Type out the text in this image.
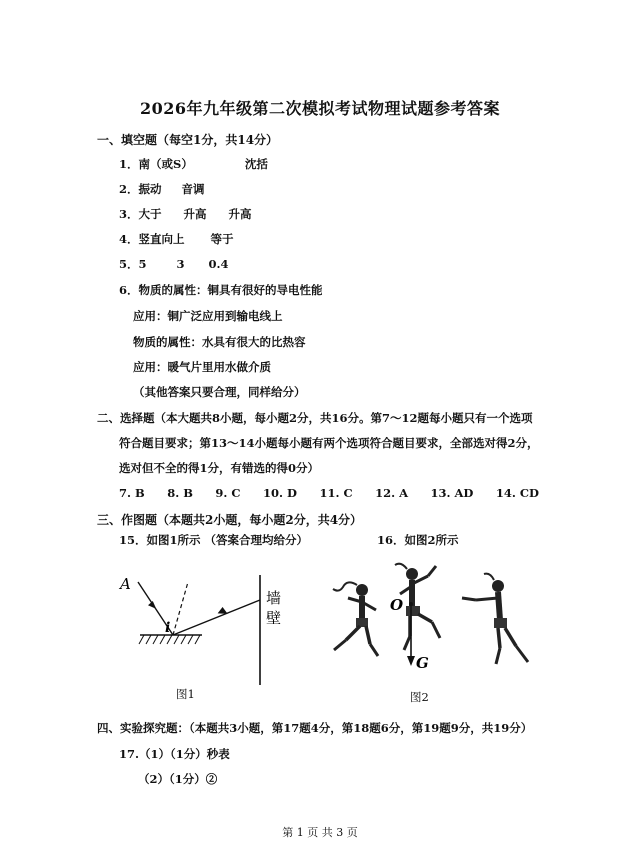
2026年九年级第二次模拟考试物理试题参考答案
一、填空题（每空1分，共14分）
1．南（或S）	沈括
2．振动 音调
3．大于 升高 升高
4．竖直向上 等于
5．5	3 0.4
6．物质的属性：铜具有很好的导电性能
应用：铜广泛应用到输电线上
物质的属性：水具有很大的比热容
应用：暖气片里用水做介质
（其他答案只要合理，同样给分）
二、选择题（本大题共8小题，每小题2分，共16分。第7～12题每小题只有一个选项
符合题目要求；第13～14小题每小题有两个选项符合题目要求，全部选对得2分，
选对但不全的得1分，有错选的得0分）
7. B 8. B 9. C 10. D 11. C 12. A 13. AD 14. CD
三、作图题（本题共2小题，每小题2分，共4分）
15．如图1所示 （答案合理均给分）	16．如图2所示
A
i
墙
壁
图1
O
G
图2
四、实验探究题：（本题共3小题，第17题4分，第18题6分，第19题9分，共19分）
17.（1）（1分）秒表
（2）（1分）②
第 1 页 共 3 页
